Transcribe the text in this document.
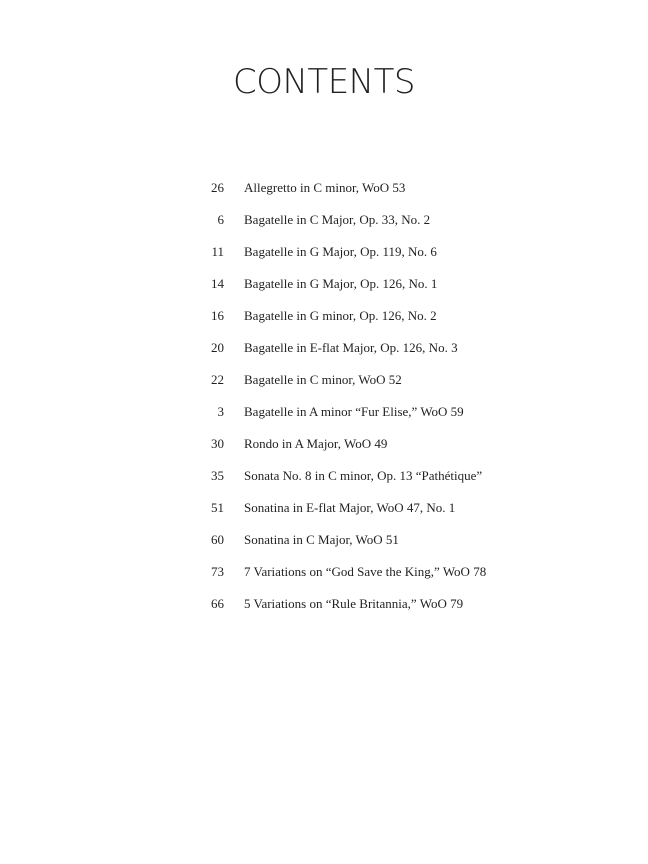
CONTENTS
26 Allegretto in C minor, WoO 53
6 Bagatelle in C Major, Op. 33, No. 2
11 Bagatelle in G Major, Op. 119, No. 6
14 Bagatelle in G Major, Op. 126, No. 1
16 Bagatelle in G minor, Op. 126, No. 2
20 Bagatelle in E-flat Major, Op. 126, No. 3
22 Bagatelle in C minor, WoO 52
3 Bagatelle in A minor “Fur Elise,” WoO 59
30 Rondo in A Major, WoO 49
35 Sonata No. 8 in C minor, Op. 13 “Pathétique”
51 Sonatina in E-flat Major, WoO 47, No. 1
60 Sonatina in C Major, WoO 51
73 7 Variations on “God Save the King,” WoO 78
66 5 Variations on “Rule Britannia,” WoO 79
